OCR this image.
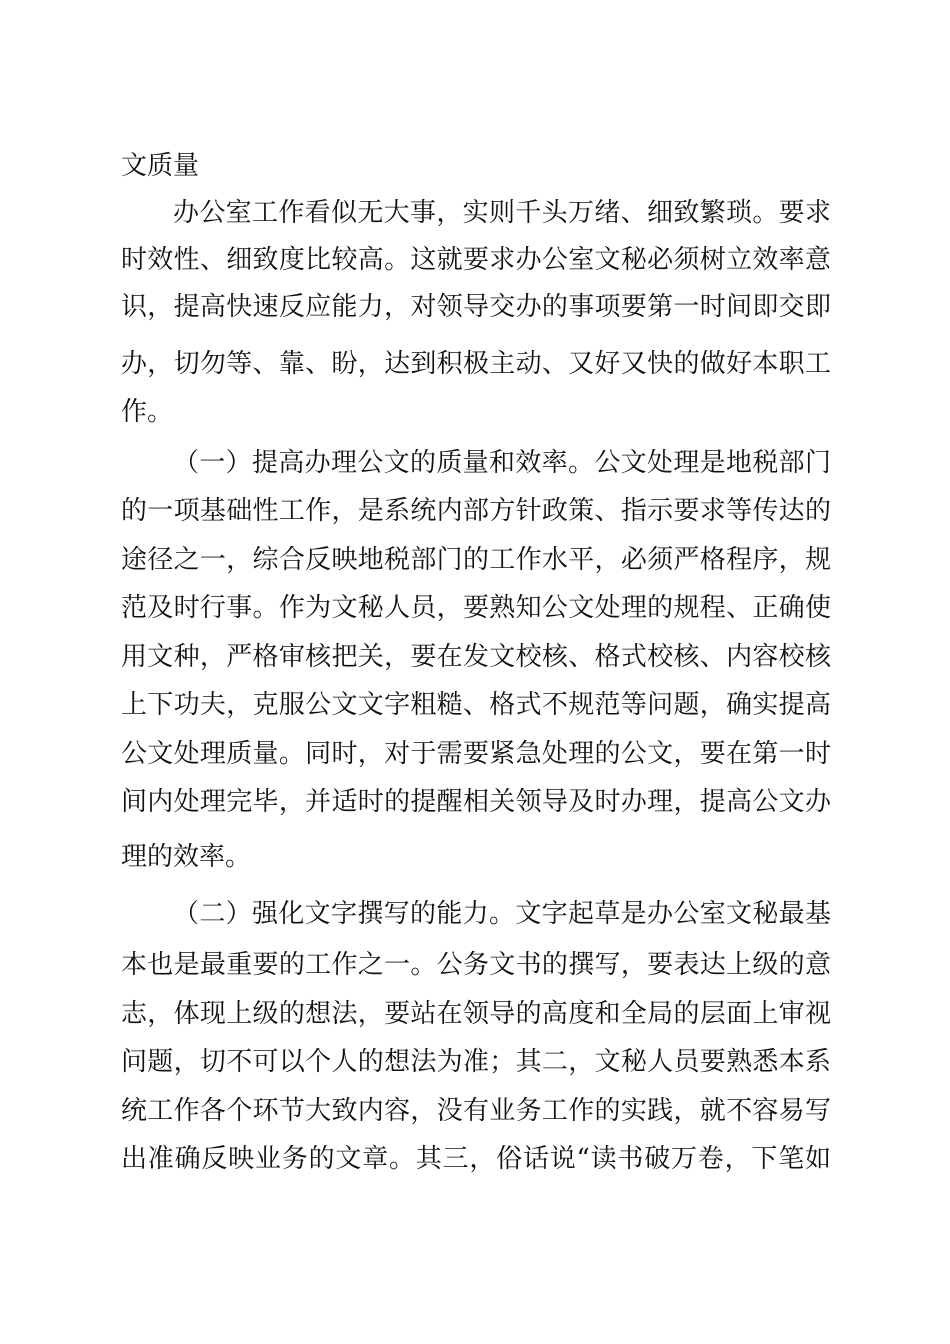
文质量
办公室工作看似无大事，实则千头万绪、细致繁琐。要求
时效性、细致度比较高。这就要求办公室文秘必须树立效率意
识，提高快速反应能力，对领导交办的事项要第一时间即交即
办，切勿等、靠、盼，达到积极主动、又好又快的做好本职工
作。
（一）提高办理公文的质量和效率。公文处理是地税部门
的一项基础性工作，是系统内部方针政策、指示要求等传达的
途径之一，综合反映地税部门的工作水平，必须严格程序，规
范及时行事。作为文秘人员，要熟知公文处理的规程、正确使
用文种，严格审核把关，要在发文校核、格式校核、内容校核
上下功夫，克服公文文字粗糙、格式不规范等问题，确实提高
公文处理质量。同时，对于需要紧急处理的公文，要在第一时
间内处理完毕，并适时的提醒相关领导及时办理，提高公文办
理的效率。
（二）强化文字撰写的能力。文字起草是办公室文秘最基
本也是最重要的工作之一。公务文书的撰写，要表达上级的意
志，体现上级的想法，要站在领导的高度和全局的层面上审视
问题，切不可以个人的想法为准；其二，文秘人员要熟悉本系
统工作各个环节大致内容，没有业务工作的实践，就不容易写
出准确反映业务的文章。其三，俗话说“读书破万卷，下笔如
